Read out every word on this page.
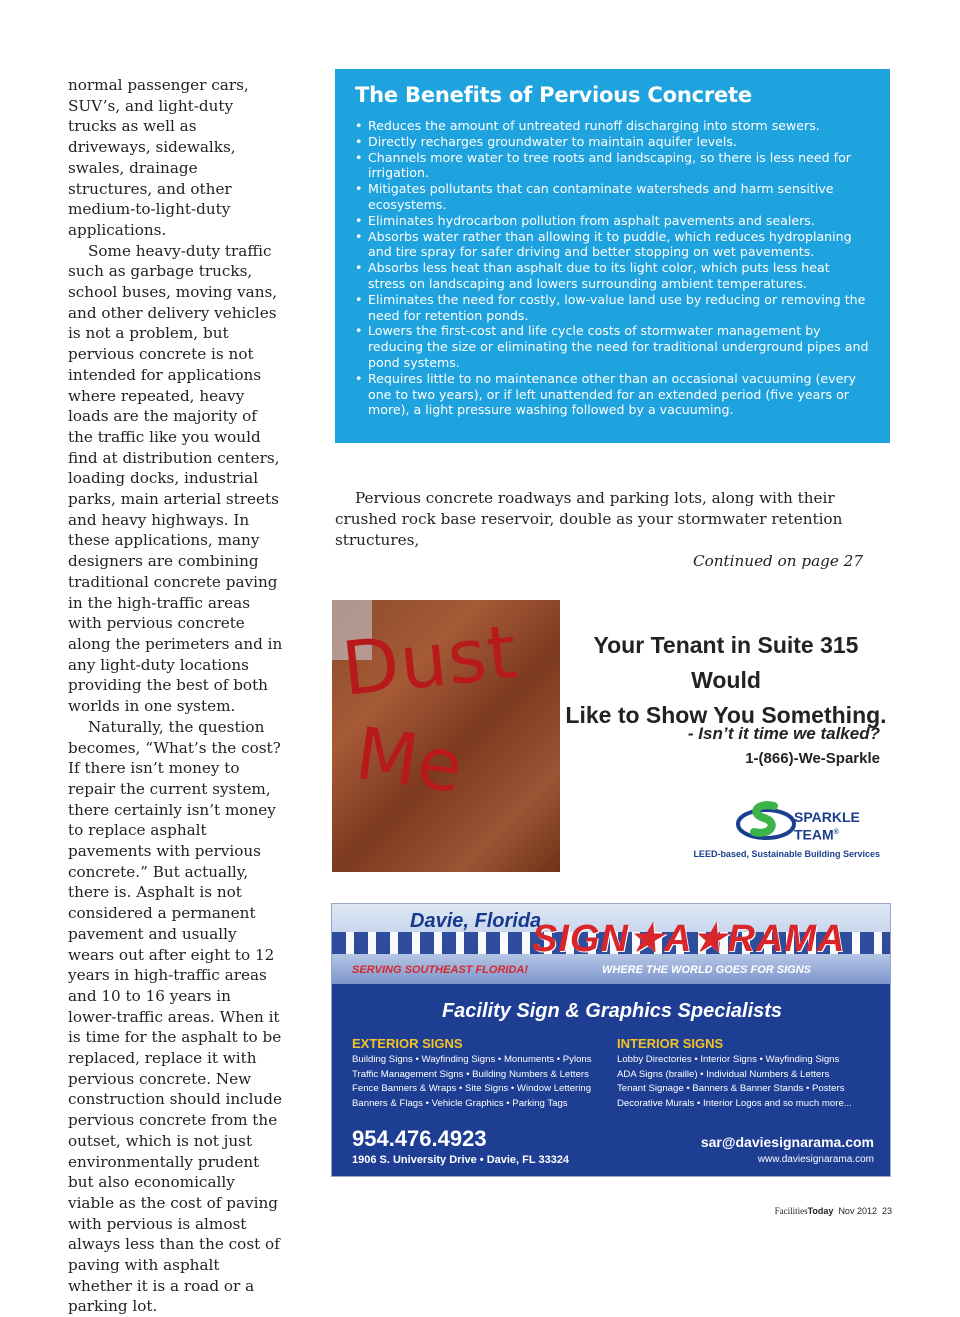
normal passenger cars, SUV’s, and light-duty trucks as well as driveways, sidewalks, swales, drainage structures, and other medium-to-light-duty applications.

Some heavy-duty traffic such as garbage trucks, school buses, moving vans, and other delivery vehicles is not a problem, but pervious concrete is not intended for applications where repeated, heavy loads are the majority of the traffic like you would find at distribution centers, loading docks, industrial parks, main arterial streets and heavy highways. In these applications, many designers are combining traditional concrete paving in the high-traffic areas with pervious concrete along the perimeters and in any light-duty locations providing the best of both worlds in one system.

Naturally, the question becomes, “What’s the cost? If there isn’t money to repair the current system, there certainly isn’t money to replace asphalt pavements with pervious concrete.” But actually, there is. Asphalt is not considered a permanent pavement and usually wears out after eight to 12 years in high-traffic areas and 10 to 16 years in lower-traffic areas. When it is time for the asphalt to be replaced, replace it with pervious concrete. New construction should include pervious concrete from the outset, which is not just environmentally prudent but also economically viable as the cost of paving with pervious is almost always less than the cost of paving with asphalt whether it is a road or a parking lot.

The Benefits of Pervious Concrete
• Reduces the amount of untreated runoff discharging into storm sewers.
• Directly recharges groundwater to maintain aquifer levels.
• Channels more water to tree roots and landscaping, so there is less need for irrigation.
• Mitigates pollutants that can contaminate watersheds and harm sensitive ecosystems.
• Eliminates hydrocarbon pollution from asphalt pavements and sealers.
• Absorbs water rather than allowing it to puddle, which reduces hydroplaning and tire spray for safer driving and better stopping on wet pavements.
• Absorbs less heat than asphalt due to its light color, which puts less heat stress on landscaping and lowers surrounding ambient temperatures.
• Eliminates the need for costly, low-value land use by reducing or removing the need for retention ponds.
• Lowers the first-cost and life cycle costs of stormwater management by reducing the size or eliminating the need for traditional underground pipes and pond systems.
• Requires little to no maintenance other than an occasional vacuuming (every one to two years), or if left unattended for an extended period (five years or more), a light pressure washing followed by a vacuuming.

Pervious concrete roadways and parking lots, along with their crushed rock base reservoir, double as your stormwater retention structures,

Continued on page 27
Dust
Me
Your Tenant in Suite 315 Would
Like to Show You Something.
- Isn’t it time we talked?
1-(866)-We-Sparkle
SPARKLE
TEAM®
LEED-based, Sustainable Building Services
Davie, Florida
SIGN★A★RAMA
SERVING SOUTHEAST FLORIDA!	WHERE THE WORLD GOES FOR SIGNS
Facility Sign & Graphics Specialists
EXTERIOR SIGNS
Building Signs • Wayfinding Signs • Monuments • Pylons
Traffic Management Signs • Building Numbers & Letters
Fence Banners & Wraps • Site Signs • Window Lettering
Banners & Flags • Vehicle Graphics • Parking Tags
INTERIOR SIGNS
Lobby Directories • Interior Signs • Wayfinding Signs
ADA Signs (braille) • Individual Numbers & Letters
Tenant Signage • Banners & Banner Stands • Posters
Decorative Murals • Interior Logos and so much more...
954.476.4923
1906 S. University Drive • Davie, FL 33324
sar@daviesignarama.com
www.daviesignarama.com
FacilitiesToday Nov 2012 23
